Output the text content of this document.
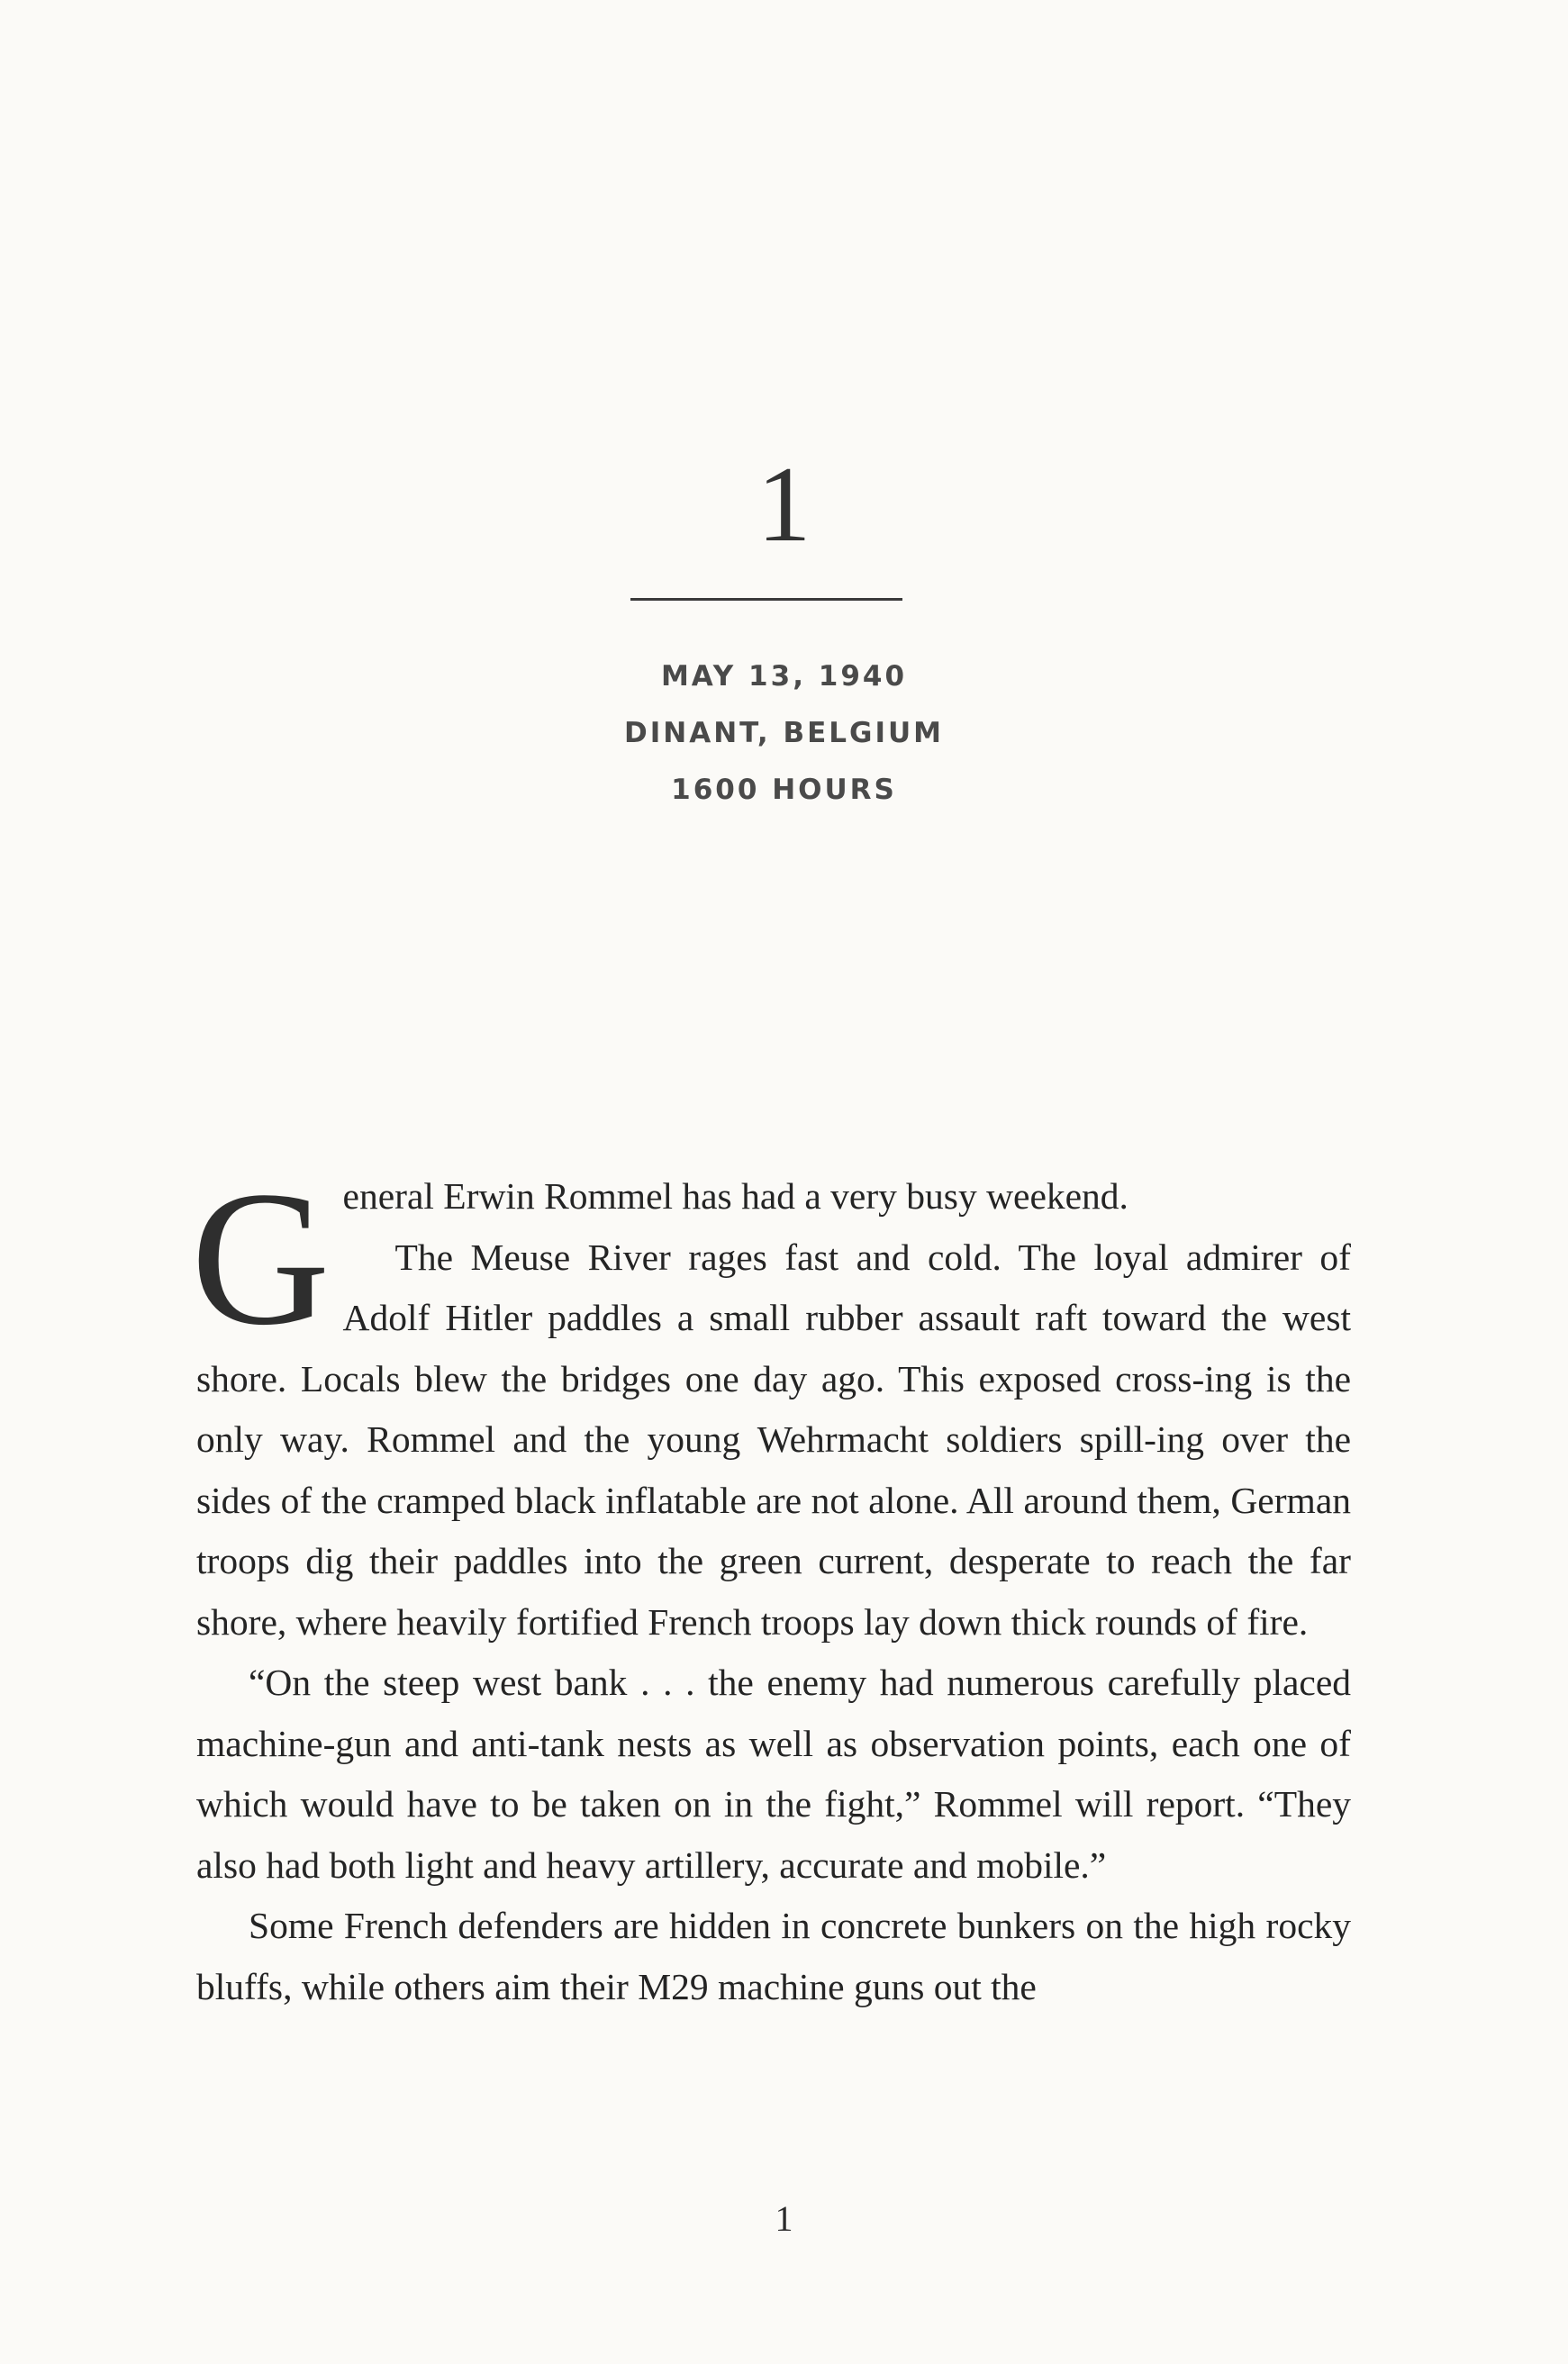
1
MAY 13, 1940
DINANT, BELGIUM
1600 HOURS

General Erwin Rommel has had a very busy weekend.

The Meuse River rages fast and cold. The loyal admirer of Adolf Hitler paddles a small rubber assault raft toward the west shore. Locals blew the bridges one day ago. This exposed cross-ing is the only way. Rommel and the young Wehrmacht soldiers spill-ing over the sides of the cramped black inflatable are not alone. All around them, German troops dig their paddles into the green current, desperate to reach the far shore, where heavily fortified French troops lay down thick rounds of fire.

“On the steep west bank . . . the enemy had numerous carefully placed machine-gun and anti-tank nests as well as observation points, each one of which would have to be taken on in the fight,” Rommel will report. “They also had both light and heavy artillery, accurate and mobile.”

Some French defenders are hidden in concrete bunkers on the high rocky bluffs, while others aim their M29 machine guns out the

1
